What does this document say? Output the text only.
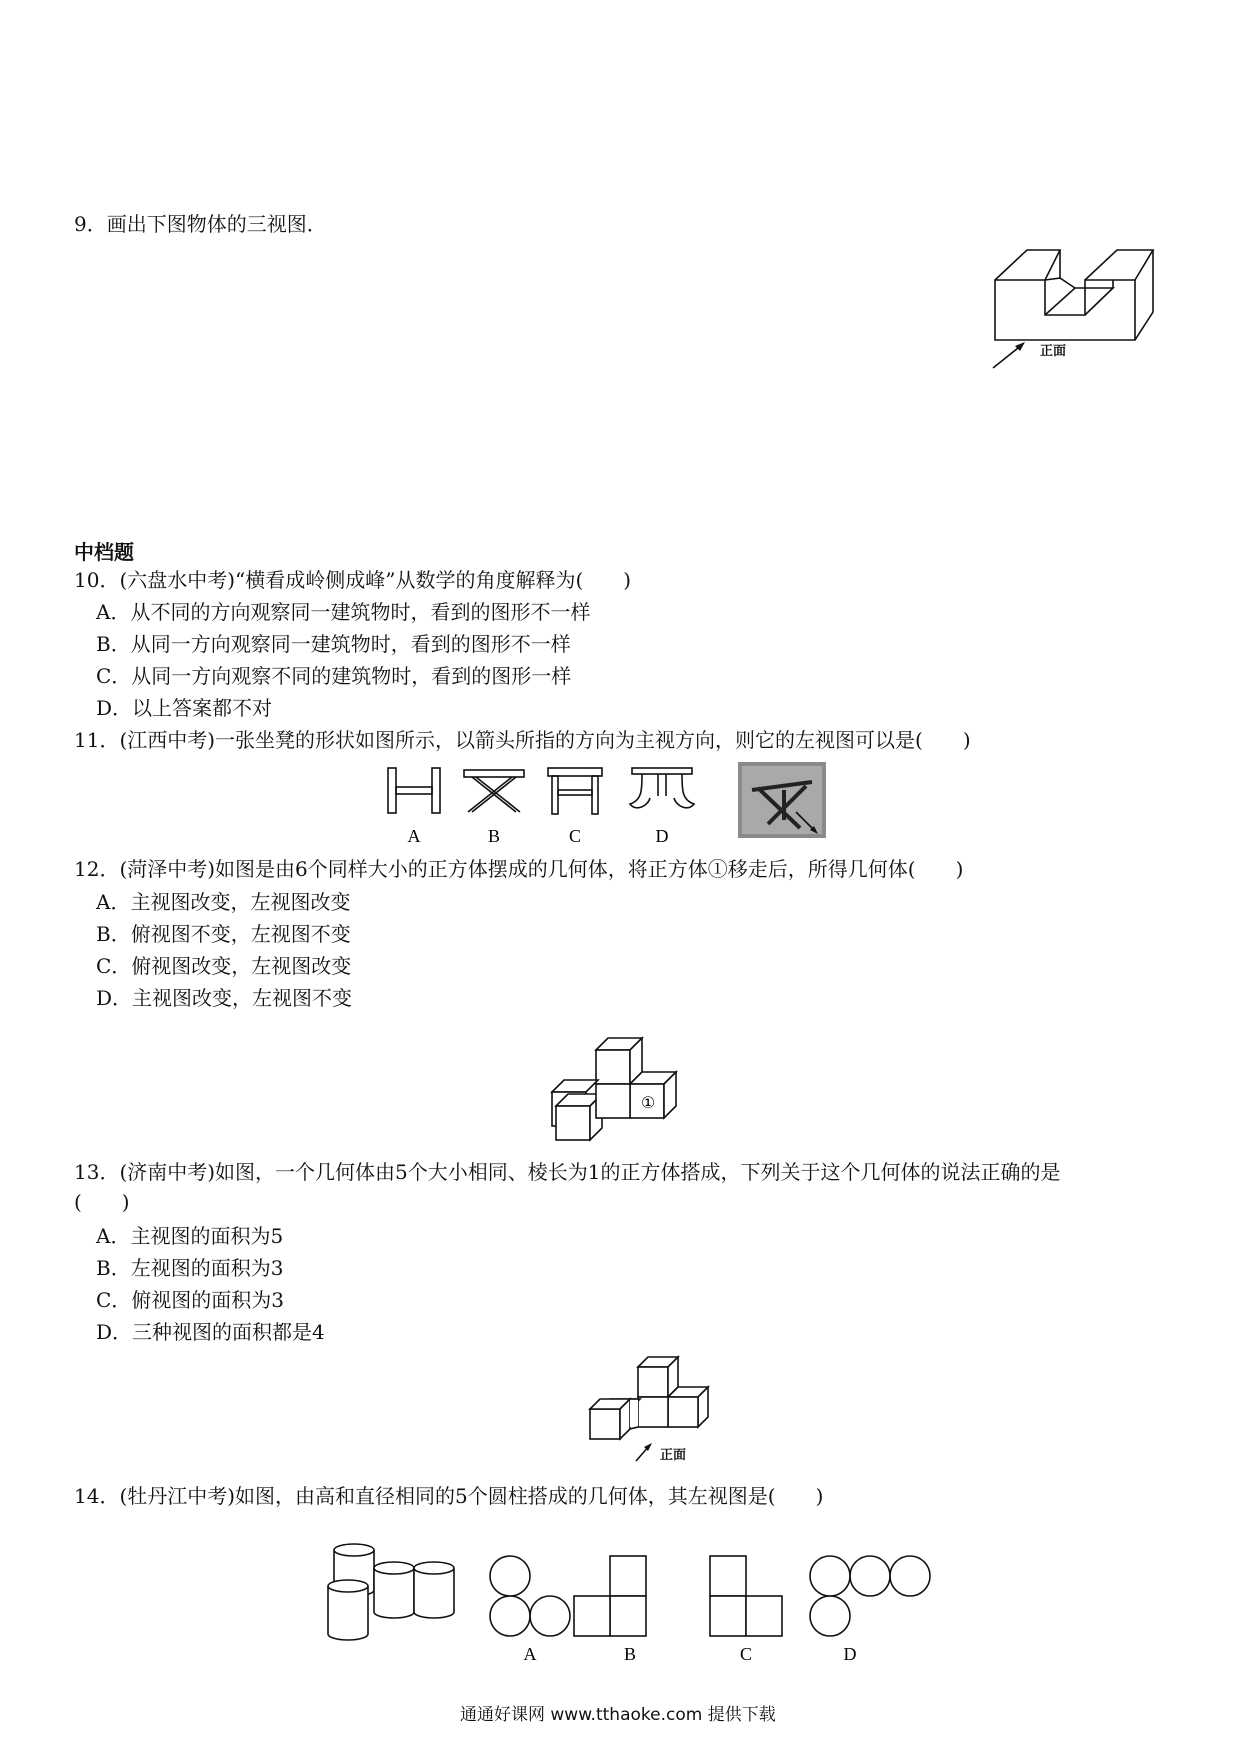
9．画出下图物体的三视图．
正面
中档题
10．(六盘水中考)“横看成岭侧成峰”从数学的角度解释为(　　)
A．从不同的方向观察同一建筑物时，看到的图形不一样
B．从同一方向观察同一建筑物时，看到的图形不一样
C．从同一方向观察不同的建筑物时，看到的图形一样
D．以上答案都不对
11．(江西中考)一张坐凳的形状如图所示，以箭头所指的方向为主视方向，则它的左视图可以是(　　)
A	B	C	D
12．(菏泽中考)如图是由6个同样大小的正方体摆成的几何体，将正方体①移走后，所得几何体(　　)
A．主视图改变，左视图改变
B．俯视图不变，左视图不变
C．俯视图改变，左视图改变
D．主视图改变，左视图不变
①
13．(济南中考)如图，一个几何体由5个大小相同、棱长为1的正方体搭成，下列关于这个几何体的说法正确的是
(　　)
A．主视图的面积为5
B．左视图的面积为3
C．俯视图的面积为3
D．三种视图的面积都是4
正面
14．(牡丹江中考)如图，由高和直径相同的5个圆柱搭成的几何体，其左视图是(　　)
A	B	C	D
通通好课网 www.tthaoke.com 提供下载
